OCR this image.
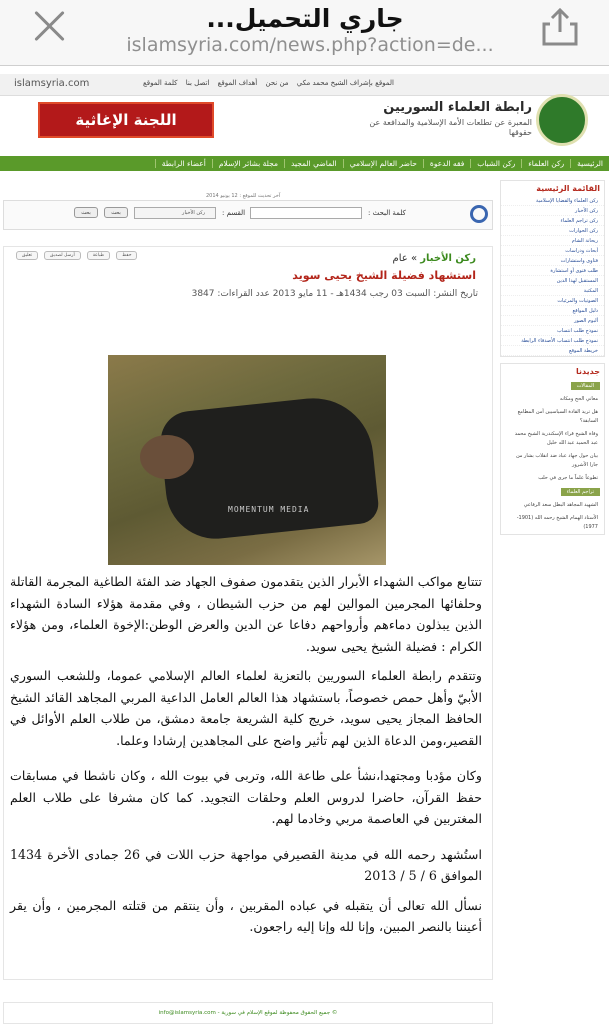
جاري التحميل...
islamsyria.com/news.php?action=de...
islamsyria.com	الموقع بإشراف الشيخ محمد مكي من نحن أهداف الموقع اتصل بنا كلمة الموقع
اللجنة الإغاثية
رابطة العلماء السوريين
المعبرة عن تطلعات الأمة الإسلامية والمدافعة عن حقوقها
الرئيسية
ركن العلماء
ركن الشباب
فقه الدعوة
حاضر العالم الإسلامي
الماضي المجيد
مجلة بشائر الإسلام
أعضاء الرابطة
آخر تحديث للموقع : 12 يونيو 2014
كلمة البحث :
القسم :
ركن الأخبار
بحث
بحث
القائمة الرئيسية
ركن العلماء والقضايا الإسلامية
ركن الأخبار
ركن تراجم العلماء
ركن الحوارات
ريحانة الشام
أبحاث ودراسات
فتاوى واستشارات
طلب فتوى أو استشارة
المستقبل لهذا الدين
المكتبة
الصوتيات والمرئيات
دليل المواقع
ألبوم الصور
نموذج طلب انتساب
نموذج طلب انتساب الأصدقاء الرابطة
خريطة الموقع
جديدنا
المقالات
معاني الحج ومكانه
هل تريد القادة السياسيين أمن المطامع السابقة؟
وفاة الشيخ قراء الإسكندرية الشيخ محمد عبد الحميد عبد الله خليل
بيان حول جهاد عباد ضد انقلاب بشار من جارا الأشرور
تطوعاً علماً ما جرى في حلب
تراجم العلماء
الشهيد المجاهد البطل سعد الرفاعي
الأستاذ الهمام الشيخ رحمه الله (1901-1977)
تعليق	أرسل لصديق	طباعة	حفظ	ركن الأخبار » عام
استشهاد فضيلة الشيخ يحيى سويد
تاريخ النشر: السبت 03 رجب 1434هـ - 11 مايو 2013 عدد القراءات: 3847
MOMENTUM MEDIA

تتتابع مواكب الشهداء الأبرار الذين يتقدمون صفوف الجهاد ضد الفئة الطاغية المجرمة القاتلة وحلفائها المجرمين الموالين لهم من حزب الشيطان ، وفي مقدمة هؤلاء السادة الشهداء الذين يبذلون دماءهم وأرواحهم دفاعا عن الدين والعرض الوطن:الإخوة العلماء، ومن هؤلاء الكرام : فضيلة الشيخ يحيى سويد.

وتتقدم رابطة العلماء السوريين بالتعزية لعلماء العالم الإسلامي عموما، وللشعب السوري الأبيّ وأهل حمص خصوصاً، باستشهاد هذا العالم العامل الداعية المربي المجاهد القائد الشيخ الحافظ المجاز يحيى سويد، خريج كلية الشريعة جامعة دمشق، من طلاب العلم الأوائل في القصير،ومن الدعاة الذين لهم تأثير واضح على المجاهدين إرشادا وعلما.

وكان مؤدبا ومجتهدا،نشأ على طاعة الله، وتربى في بيوت الله ، وكان ناشطا في مسابقات حفظ القرآن، حاضرا لدروس العلم وحلقات التجويد. كما كان مشرفا على طلاب العلم المغتربين في العاصمة مربي وخادما لهم.

استُشهد رحمه الله في مدينة القصيرفي مواجهة حزب اللات في 26 جمادى الأخرة 1434 الموافق 6 / 5 / 2013

نسأل الله تعالى أن يتقبله في عباده المقربين ، وأن ينتقم من قتلته المجرمين ، وأن يقر أعيننا بالنصر المبين، وإنا لله وإنا إليه راجعون.

© جميع الحقوق محفوظة لموقع الإسلام في سورية - info@islamsyria.com
